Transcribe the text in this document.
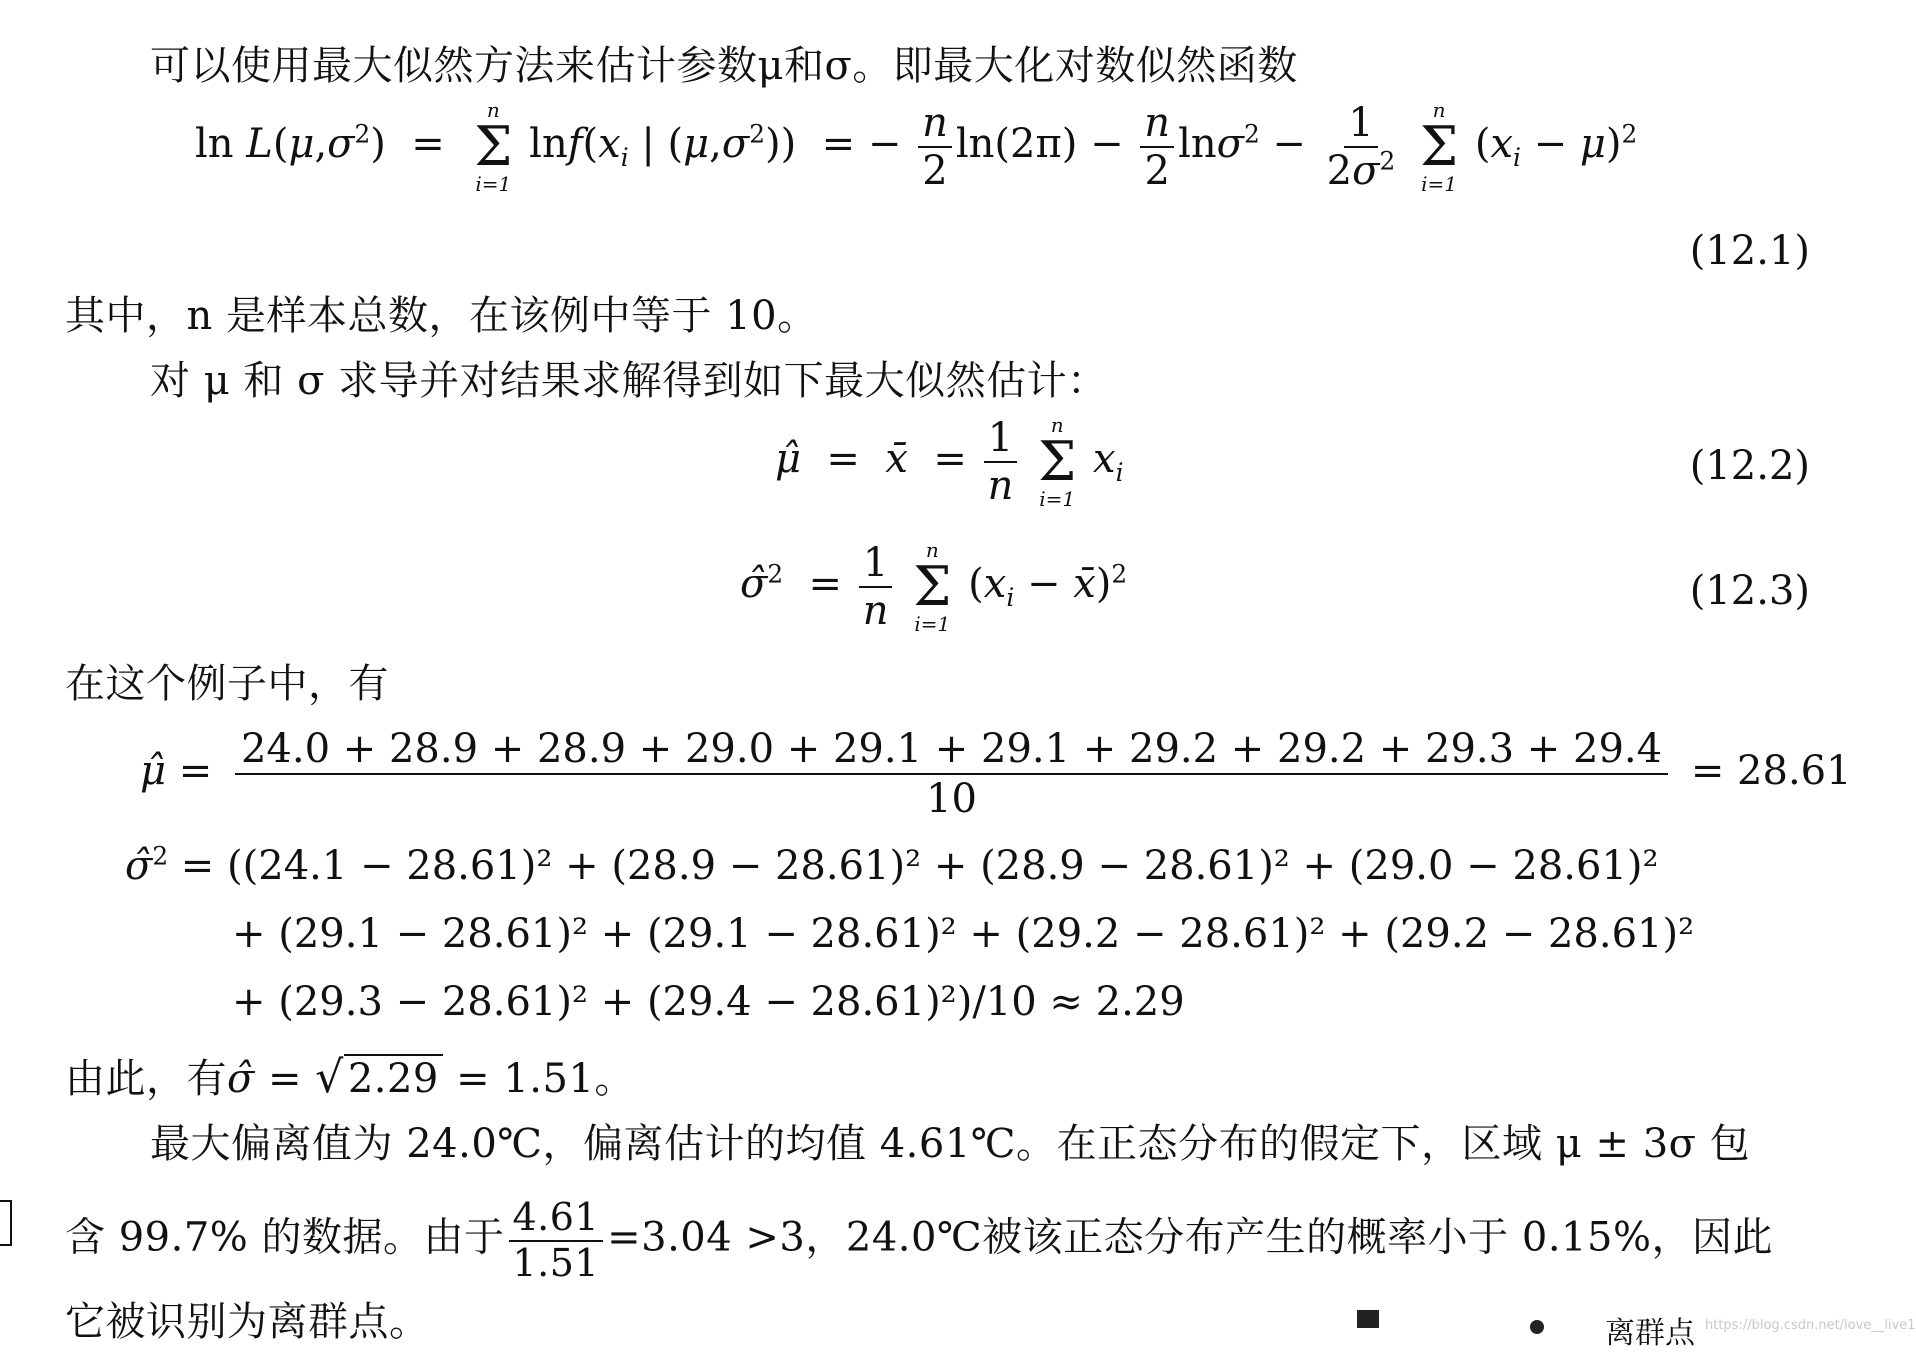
可以使用最大似然方法来估计参数μ和σ。即最大化对数似然函数
$\ln L(\mu,\sigma^2)$  =
n
Σ
i=1
$\ln f(x_i$ | $(\mu,\sigma^2)$)  = − $\frac{n}{2} \ln(2\pi) - \frac{n}{2} \ln\sigma^2 - \frac{1}{2\sigma^2}$
n
Σ
i=1
$(x_i - \mu)^2$
(12.1)
其中，n 是样本总数，在该例中等于 10。
对 μ 和 σ 求导并对结果求解得到如下最大似然估计：
μ̂  =  x̄  = $\frac{1}{n}$
n
Σ
i=1
$x_i$	(12.2)
σ̂$^2$  = $\frac{1}{n}$
n
Σ
i=1
($x_i$ − x̄)$^2$	(12.3)
在这个例子中，有
μ̂ = 24.0 + 28.9 + 28.9 + 29.0 + 29.1 + 29.1 + 29.2 + 29.2 + 29.3 + 29.4
10
= 28.61
σ̂$^2$ = ((24.1 − 28.61)² + (28.9 − 28.61)² + (28.9 − 28.61)² + (29.0 − 28.61)²
+ (29.1 − 28.61)² + (29.1 − 28.61)² + (29.2 − 28.61)² + (29.2 − 28.61)²
+ (29.3 − 28.61)² + (29.4 − 28.61)²)/10 ≈ 2.29
由此，有σ̂ = √ 2.29 = 1.51。
最大偏离值为 24.0℃，偏离估计的均值 4.61℃。在正态分布的假定下，区域 μ ± 3σ 包
含 99.7% 的数据。由于 $\frac{4.61}{1.51} =3.04 >3$，24.0℃被该正态分布产生的概率小于 0.15%，因此
它被识别为离群点。	离群点 https://blog.csdn.net/love__live1
